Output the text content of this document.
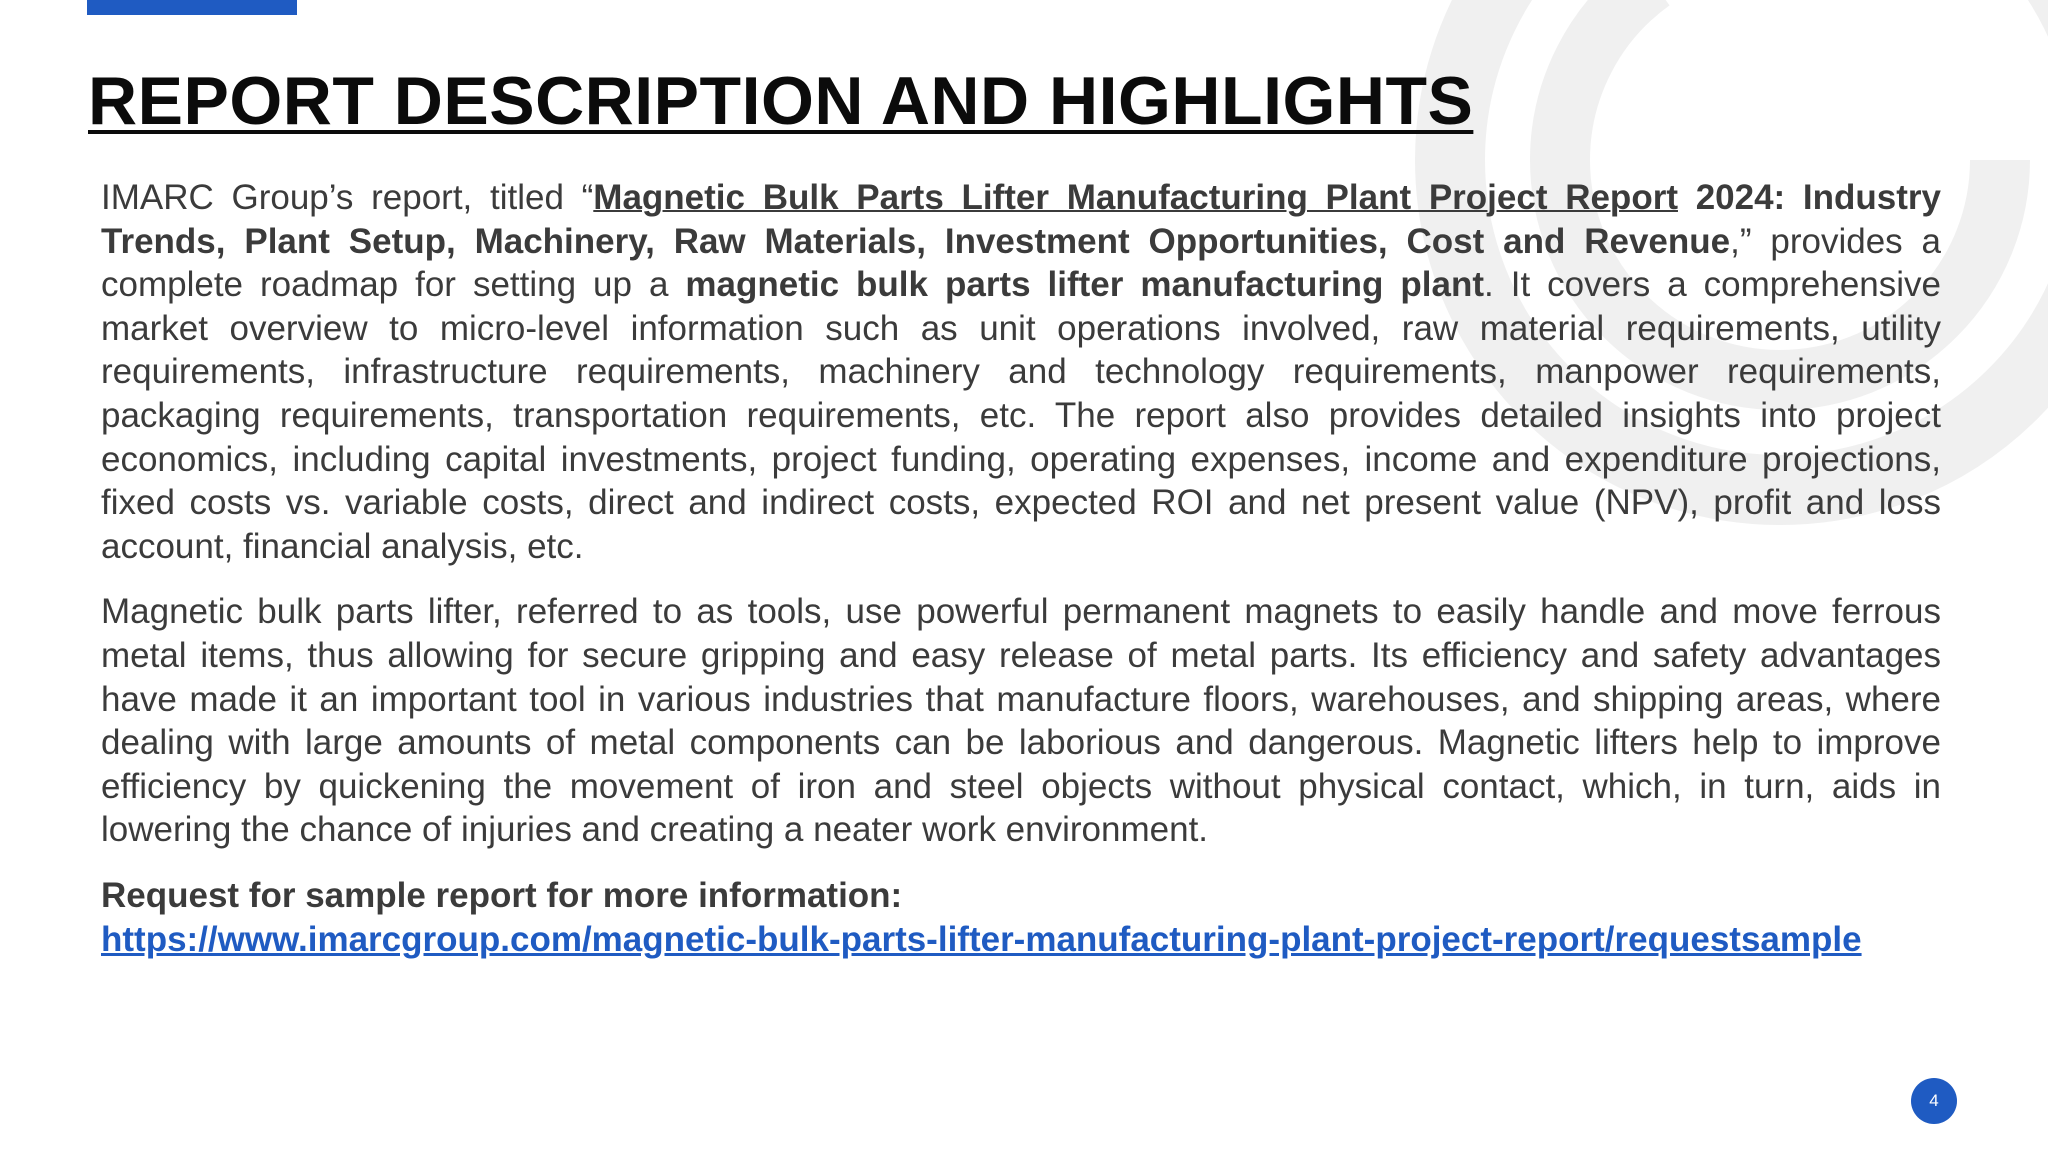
REPORT DESCRIPTION AND HIGHLIGHTS

IMARC Group’s report, titled “Magnetic Bulk Parts Lifter Manufacturing Plant Project Report 2024: Industry Trends, Plant Setup, Machinery, Raw Materials, Investment Opportunities, Cost and Revenue,” provides a complete roadmap for setting up a magnetic bulk parts lifter manufacturing plant. It covers a comprehensive market overview to micro-level information such as unit operations involved, raw material requirements, utility requirements, infrastructure requirements, machinery and technology requirements, manpower requirements, packaging requirements, transportation requirements, etc. The report also provides detailed insights into project economics, including capital investments, project funding, operating expenses, income and expenditure projections, fixed costs vs. variable costs, direct and indirect costs, expected ROI and net present value (NPV), profit and loss account, financial analysis, etc.

Magnetic bulk parts lifter, referred to as tools, use powerful permanent magnets to easily handle and move ferrous metal items, thus allowing for secure gripping and easy release of metal parts. Its efficiency and safety advantages have made it an important tool in various industries that manufacture floors, warehouses, and shipping areas, where dealing with large amounts of metal components can be laborious and dangerous. Magnetic lifters help to improve efficiency by quickening the movement of iron and steel objects without physical contact, which, in turn, aids in lowering the chance of injuries and creating a neater work environment.

Request for sample report for more information:

https://www.imarcgroup.com/magnetic-bulk-parts-lifter-manufacturing-plant-project-report/requestsample
4
